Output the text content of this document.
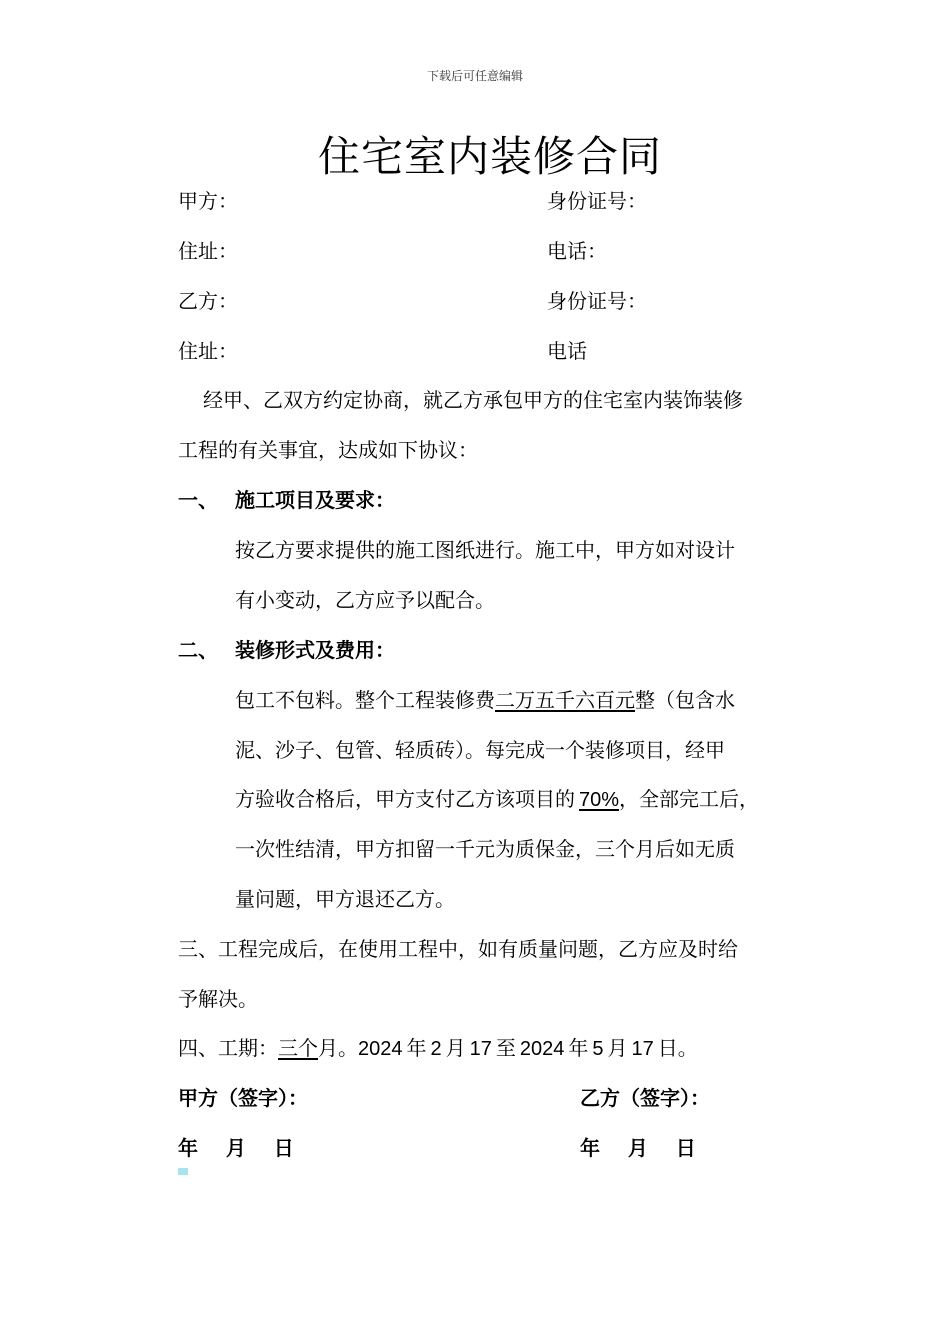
下载后可任意编辑
住宅室内装修合同
甲方：	身份证号：
住址：	电话：
乙方：	身份证号：
住址：	电话
经甲、乙双方约定协商，就乙方承包甲方的住宅室内装饰装修
工程的有关事宜，达成如下协议：
一、 施工项目及要求：
按乙方要求提供的施工图纸进行。施工中，甲方如对设计
有小变动，乙方应予以配合。
二、 装修形式及费用：
包工不包料。整个工程装修费二万五千六百元整（包含水
泥、沙子、包管、轻质砖）。每完成一个装修项目，经甲
方验收合格后，甲方支付乙方该项目的 70%，全部完工后，
一次性结清，甲方扣留一千元为质保金，三个月后如无质
量问题，甲方退还乙方。
三、工程完成后，在使用工程中，如有质量问题，乙方应及时给
予解决。
四、工期：三个月。2024 年 2 月 17 至 2024 年 5 月 17 日。
甲方（签字）：	乙方（签字）：
年    月    日	年    月    日
